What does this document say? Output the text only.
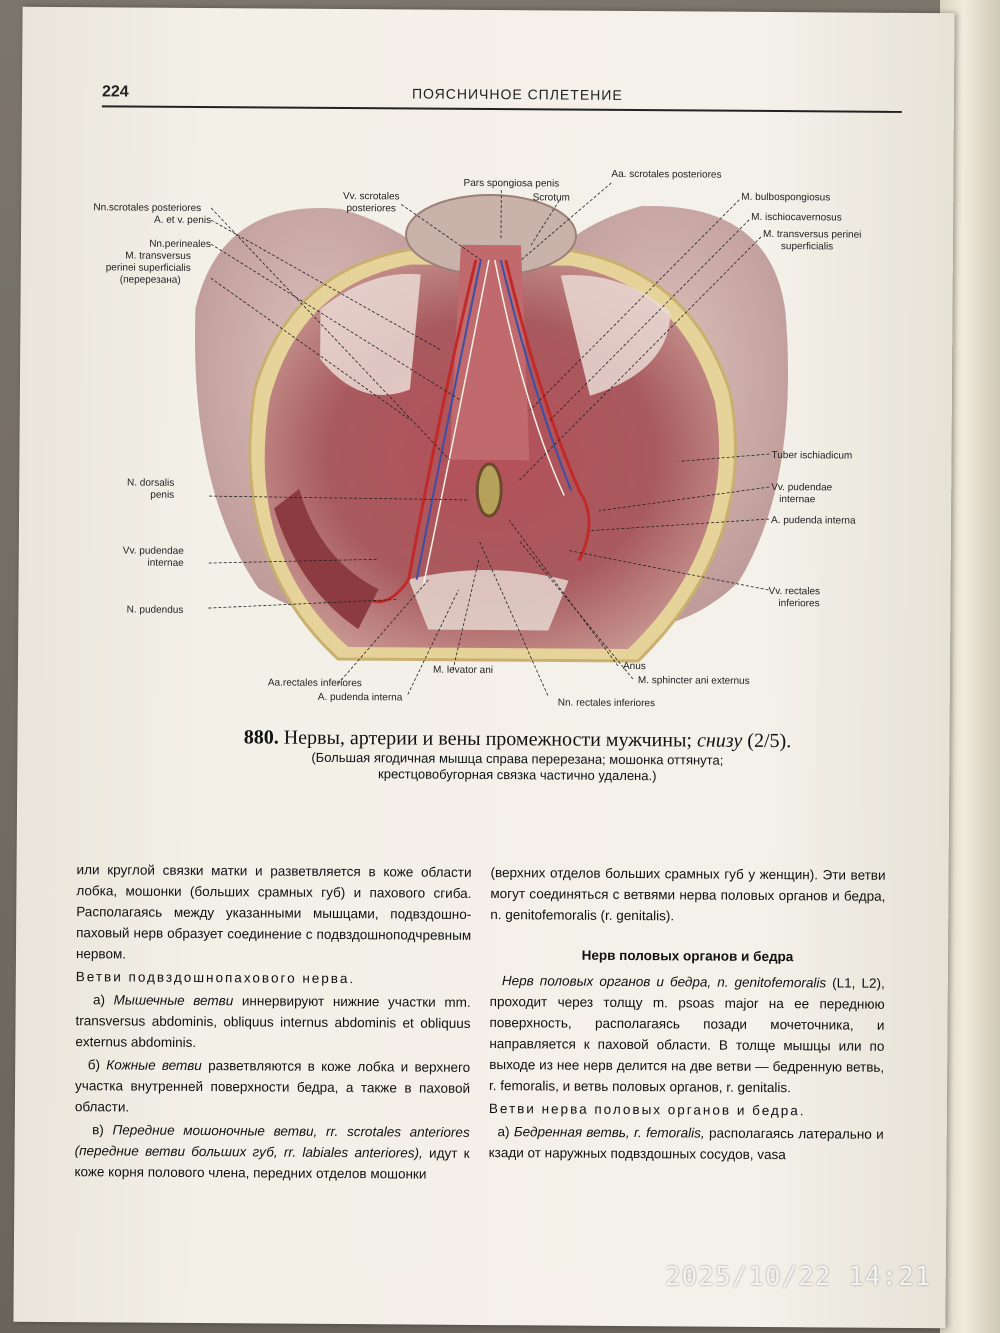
224	ПОЯСНИЧНОЕ СПЛЕТЕНИЕ
Nn.scrotales posteriores
A. et v. penis
Nn.perineales
M. transversus
perinei superficialis
(перерезана)
N. dorsalis
penis
Vv. pudendae
internae
N. pudendus
Aa.rectales inferiores
A. pudenda interna
Vv. scrotales
posteriores
Pars spongiosa penis
Scrotum
Aa. scrotales posteriores
M. bulbospongiosus
M. ischiocavernosus
M. transversus perinei
superficialis
Tuber ischiadicum
Vv. pudendae
internae
A. pudenda interna
Vv. rectales
inferiores
M. levator ani	Anus
M. sphincter ani externus
Nn. rectales inferiores
880. Нервы, артерии и вены промежности мужчины; снизу (2/5).
(Большая ягодичная мышца справа перерезана; мошонка оттянута;
крестцовобугорная связка частично удалена.)

или круглой связки матки и разветвляется в коже области лобка, мошонки (больших срамных губ) и пахового сгиба. Располагаясь между указанными мышцами, подвздошно-паховый нерв образует соединение с подвздошноподчревным нервом.

Ветви подвздошнопахового нерва.

а) Мышечные ветви иннервируют нижние участки mm. transversus abdominis, obliquus internus abdominis et obliquus externus abdominis.

б) Кожные ветви разветвляются в коже лобка и верхнего участка внутренней поверхности бедра, а также в паховой области.

в) Передние мошоночные ветви, rr. scrotales anteriores (передние ветви больших губ, rr. labiales anteriores), идут к коже корня полового члена, передних отделов мошонки

(верхних отделов больших срамных губ у женщин). Эти ветви могут соединяться с ветвями нерва половых органов и бедра, n. genitofemoralis (r. genitalis).

Нерв половых органов и бедра

Нерв половых органов и бедра, n. genitofemoralis (L1, L2), проходит через толщу m. psoas major на ее переднюю поверхность, располагаясь позади мочеточника, и направляется к паховой области. В толще мышцы или по выходе из нее нерв делится на две ветви — бедренную ветвь, r. femoralis, и ветвь половых органов, r. genitalis.

Ветви нерва половых органов и бедра.

а) Бедренная ветвь, r. femoralis, располагаясь латерально и кзади от наружных подвздошных сосудов, vasa

2025/10/22 14:21
